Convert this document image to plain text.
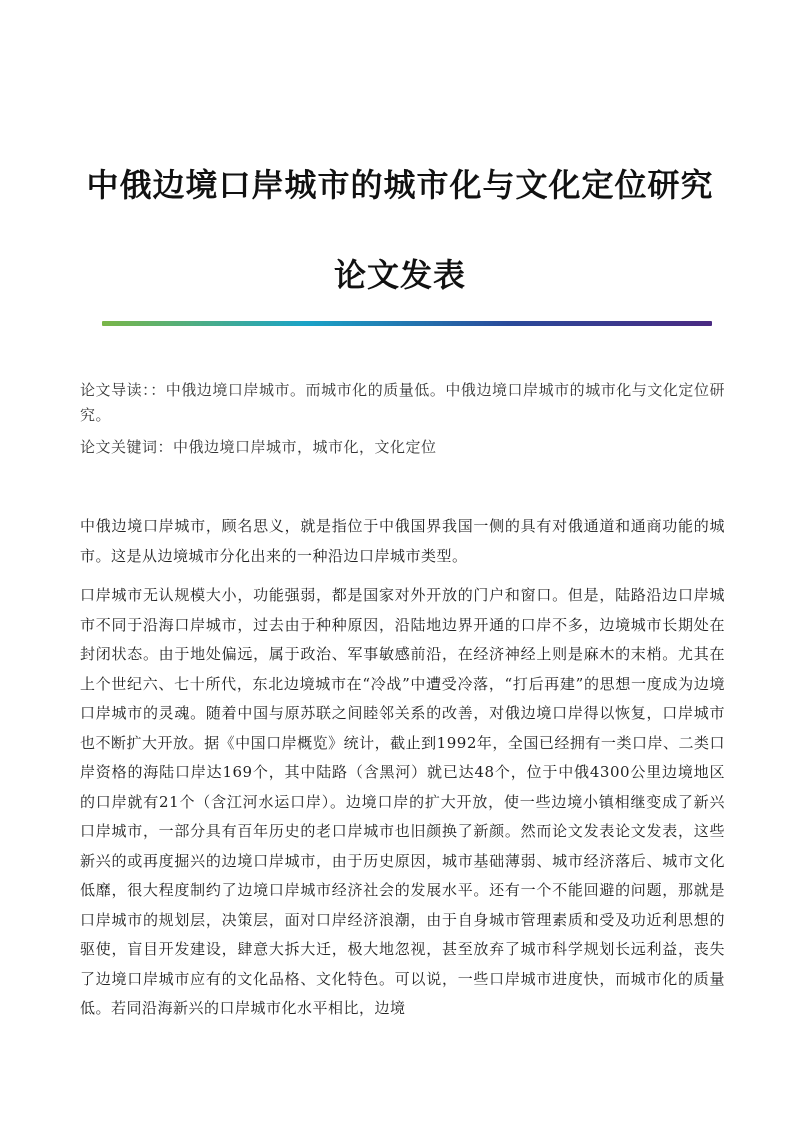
中俄边境口岸城市的城市化与文化定位研究
论文发表

论文导读：：中俄边境口岸城市。而城市化的质量低。中俄边境口岸城市的城市化与文化定位研究。

论文关键词：中俄边境口岸城市，城市化，文化定位

中俄边境口岸城市，顾名思义，就是指位于中俄国界我国一侧的具有对俄通道和通商功能的城市。这是从边境城市分化出来的一种沿边口岸城市类型。

口岸城市无认规模大小，功能强弱，都是国家对外开放的门户和窗口。但是，陆路沿边口岸城市不同于沿海口岸城市，过去由于种种原因，沿陆地边界开通的口岸不多，边境城市长期处在封闭状态。由于地处偏远，属于政治、军事敏感前沿，在经济神经上则是麻木的末梢。尤其在上个世纪六、七十所代，东北边境城市在“冷战”中遭受冷落，“打后再建”的思想一度成为边境口岸城市的灵魂。随着中国与原苏联之间睦邻关系的改善，对俄边境口岸得以恢复，口岸城市也不断扩大开放。据《中国口岸概览》统计，截止到1992年，全国已经拥有一类口岸、二类口岸资格的海陆口岸达169个，其中陆路（含黑河）就已达48个，位于中俄4300公里边境地区的口岸就有21个（含江河水运口岸）。边境口岸的扩大开放，使一些边境小镇相继变成了新兴口岸城市，一部分具有百年历史的老口岸城市也旧颜换了新颜。然而论文发表论文发表，这些新兴的或再度掘兴的边境口岸城市，由于历史原因，城市基础薄弱、城市经济落后、城市文化低靡，很大程度制约了边境口岸城市经济社会的发展水平。还有一个不能回避的问题，那就是口岸城市的规划层，决策层，面对口岸经济浪潮，由于自身城市管理素质和受及功近利思想的驱使，盲目开发建设，肆意大拆大迁，极大地忽视，甚至放弃了城市科学规划长远利益，丧失了边境口岸城市应有的文化品格、文化特色。可以说，一些口岸城市进度快，而城市化的质量低。若同沿海新兴的口岸城市化水平相比，边境
